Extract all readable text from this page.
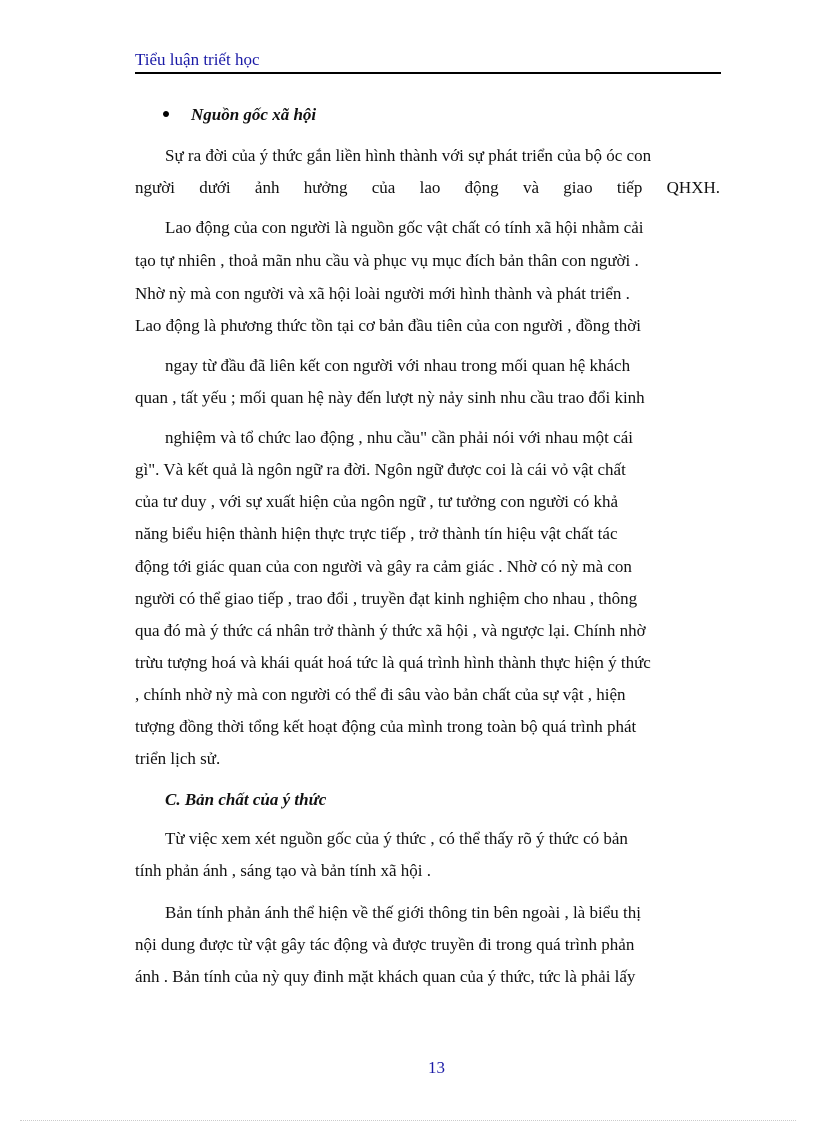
Tiểu luận triết học
Nguồn gốc xã hội
Sự ra đời của ý thức gắn liền hình thành với sự phát triển của bộ óc con
người dưới ảnh hưởng của lao động và giao tiếp QHXH.
Lao động của con người là nguồn gốc vật chất có tính xã hội nhằm cải
tạo tự nhiên , thoả mãn nhu cầu và phục vụ mục đích bản thân con người .
Nhờ nỳ mà con người và xã hội loài người mới hình thành và phát triển .
Lao động là phương thức tồn tại cơ bản đầu tiên của con người , đồng thời
ngay từ đầu đã liên kết con người với nhau trong mối quan hệ khách
quan , tất yếu ; mối quan hệ này đến lượt nỳ nảy sinh nhu cầu trao đổi kinh
nghiệm và tổ chức lao động , nhu cầu" cần phải nói với nhau một cái
gì". Và kết quả là ngôn ngữ ra đời. Ngôn ngữ được coi là cái vỏ vật chất
của tư duy , với sự xuất hiện của ngôn ngữ , tư tưởng con người có khả
năng biểu hiện thành hiện thực trực tiếp , trở thành tín hiệu vật chất tác
động tới giác quan của con người và gây ra cảm giác . Nhờ có nỳ mà con
người có thể giao tiếp , trao đổi , truyền đạt kinh nghiệm cho nhau , thông
qua đó mà ý thức cá nhân trở thành ý thức xã hội , và ngược lại. Chính nhờ
trừu tượng hoá và khái quát hoá tức là quá trình hình thành thực hiện ý thức
, chính nhờ nỳ mà con người có thể đi sâu vào bản chất của sự vật , hiện
tượng đồng thời tổng kết hoạt động của mình trong toàn bộ quá trình phát
triển lịch sử.
C. Bản chất của ý thức
Từ việc xem xét nguồn gốc của ý thức , có thể thấy rõ ý thức có bản
tính phản ánh , sáng tạo và bản tính xã hội .
Bản tính phản ánh thể hiện về thế giới thông tin bên ngoài , là biểu thị
nội dung được từ vật gây tác động và được truyền đi trong quá trình phản
ánh . Bản tính của nỳ quy đinh mặt khách quan của ý thức, tức là phải lấy
13
